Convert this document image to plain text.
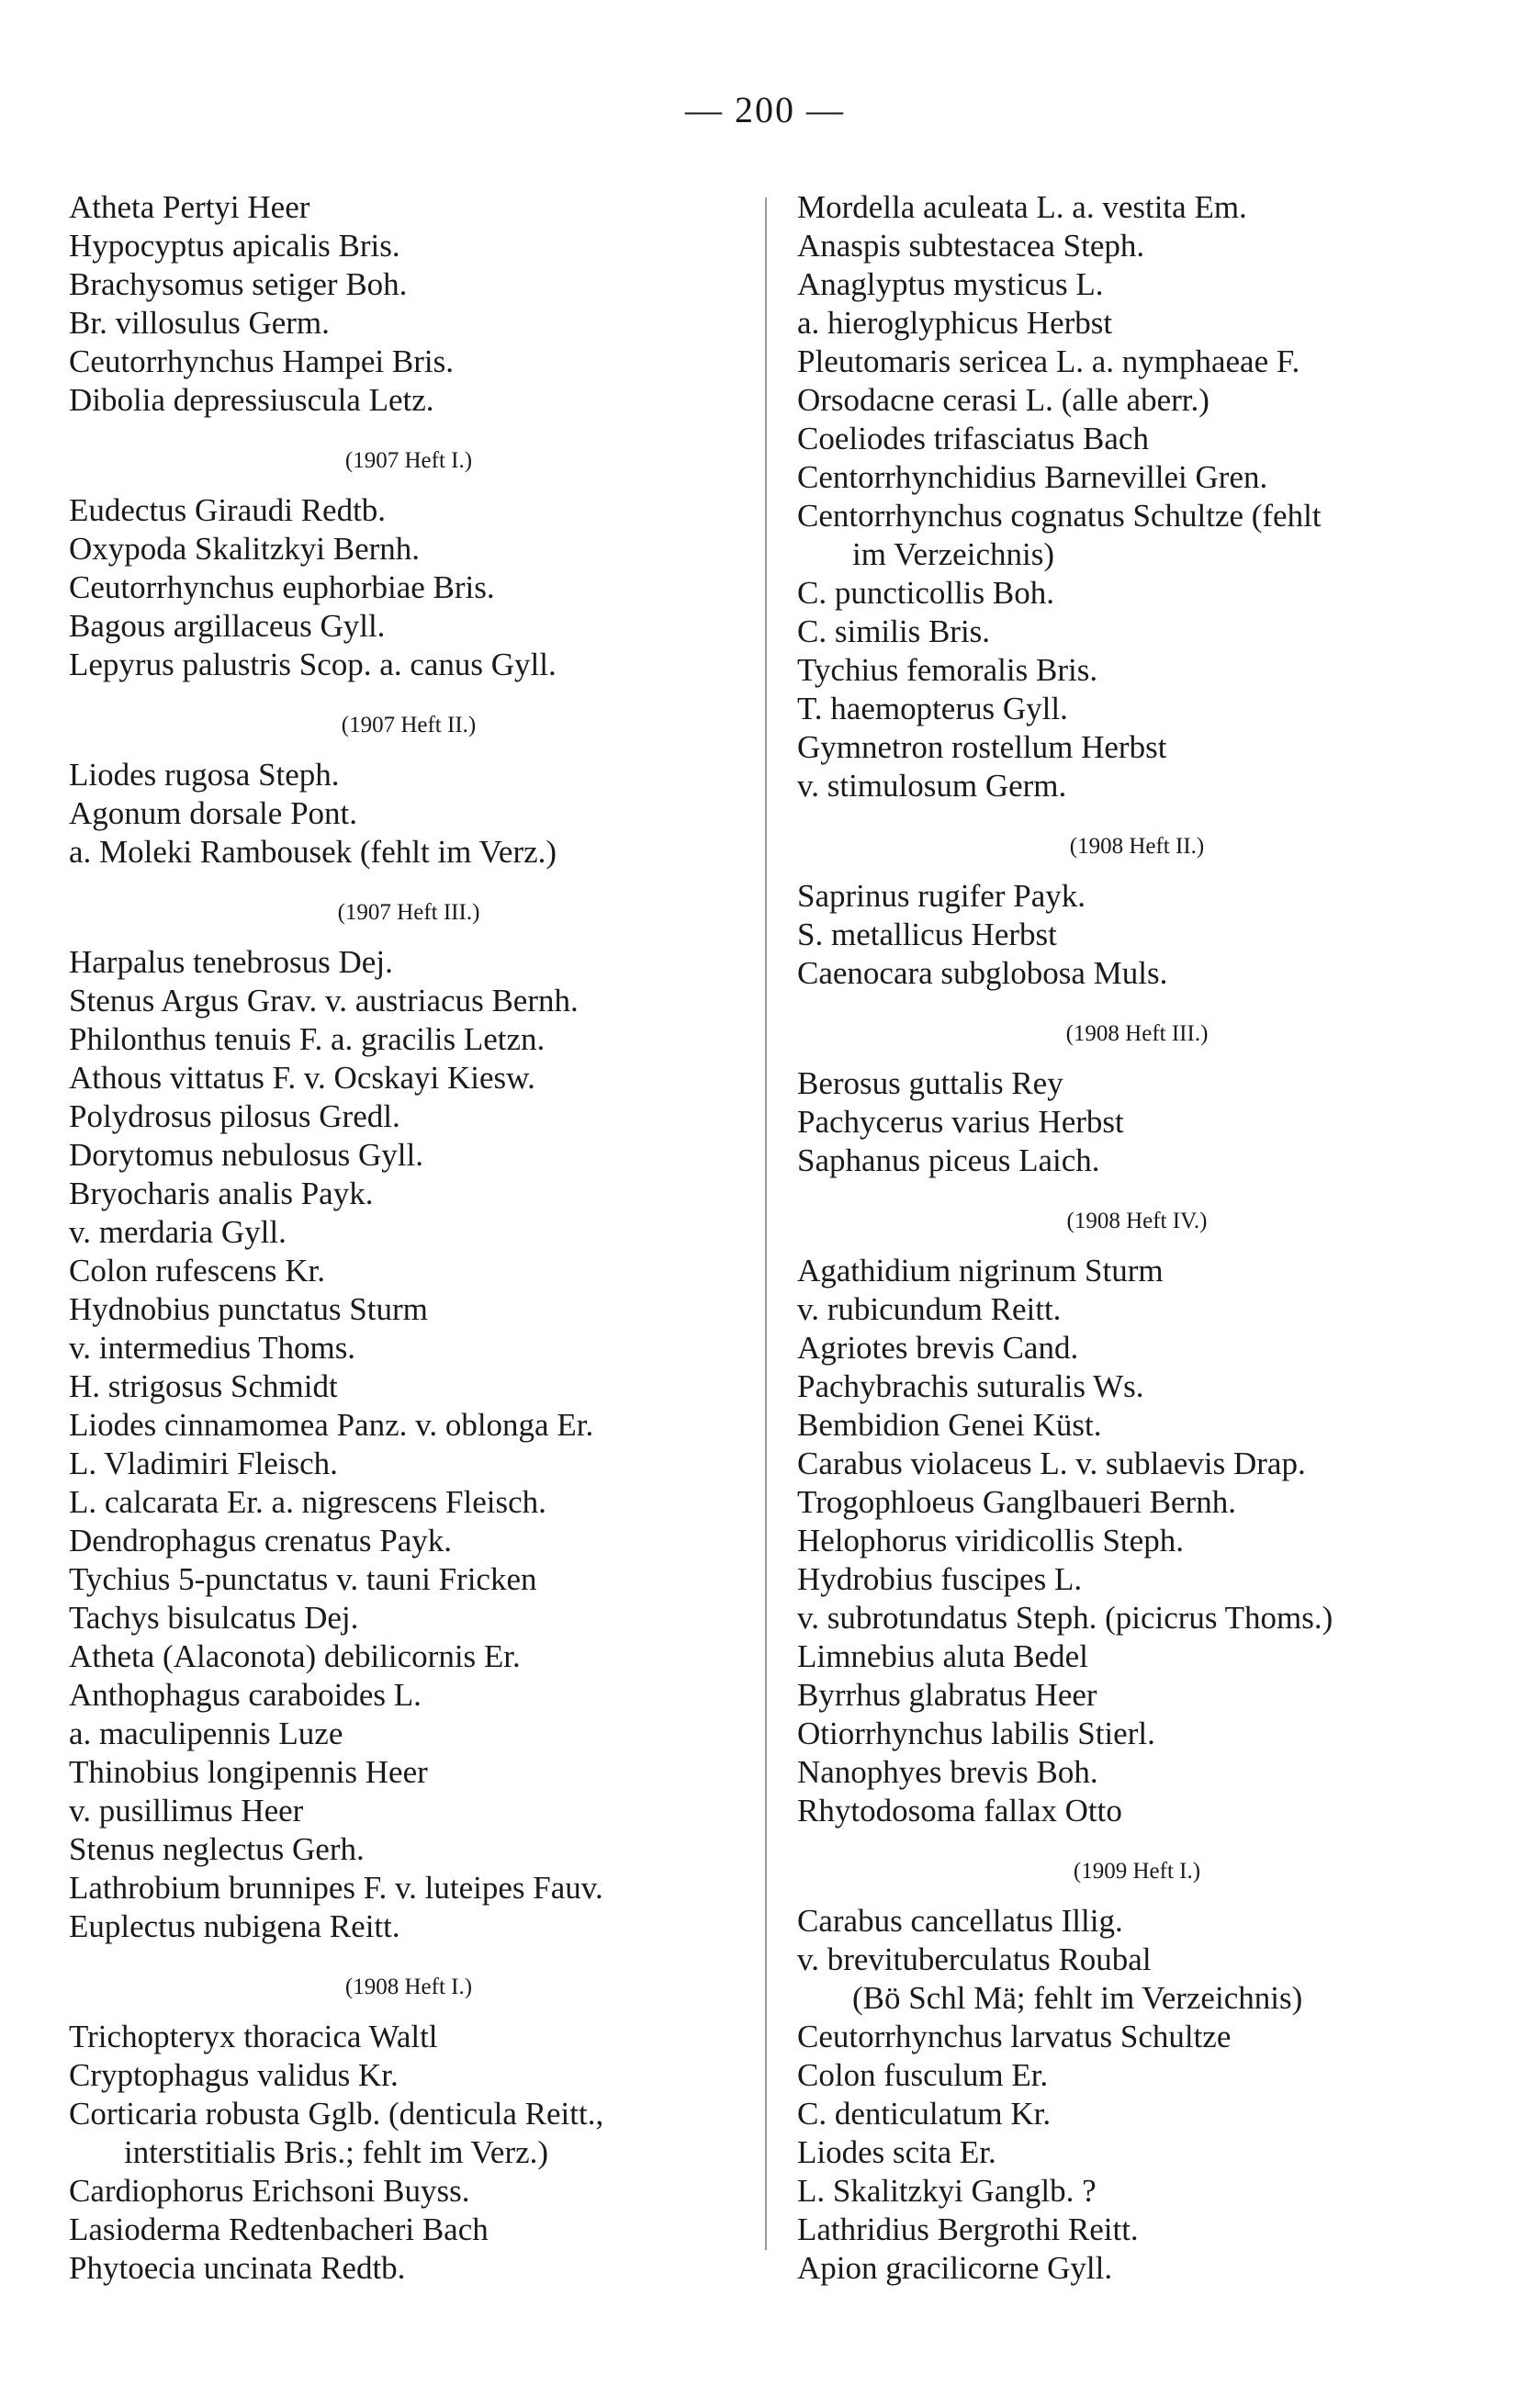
— 200 —
Atheta Pertyi Heer
Hypocyptus apicalis Bris.
Brachysomus setiger Boh.
Br. villosulus Germ.
Ceutorrhynchus Hampei Bris.
Dibolia depressiuscula Letz.
(1907 Heft I.)
Eudectus Giraudi Redtb.
Oxypoda Skalitzkyi Bernh.
Ceutorrhynchus euphorbiae Bris.
Bagous argillaceus Gyll.
Lepyrus palustris Scop. a. canus Gyll.
(1907 Heft II.)
Liodes rugosa Steph.
Agonum dorsale Pont.
a. Moleki Rambousek (fehlt im Verz.)
(1907 Heft III.)
Harpalus tenebrosus Dej.
Stenus Argus Grav. v. austriacus Bernh.
Philonthus tenuis F. a. gracilis Letzn.
Athous vittatus F. v. Ocskayi Kiesw.
Polydrosus pilosus Gredl.
Dorytomus nebulosus Gyll.
Bryocharis analis Payk.
v. merdaria Gyll.
Colon rufescens Kr.
Hydnobius punctatus Sturm
v. intermedius Thoms.
H. strigosus Schmidt
Liodes cinnamomea Panz. v. oblonga Er.
L. Vladimiri Fleisch.
L. calcarata Er. a. nigrescens Fleisch.
Dendrophagus crenatus Payk.
Tychius 5-punctatus v. tauni Fricken
Tachys bisulcatus Dej.
Atheta (Alaconota) debilicornis Er.
Anthophagus caraboides L.
a. maculipennis Luze
Thinobius longipennis Heer
v. pusillimus Heer
Stenus neglectus Gerh.
Lathrobium brunnipes F. v. luteipes Fauv.
Euplectus nubigena Reitt.
(1908 Heft I.)
Trichopteryx thoracica Waltl
Cryptophagus validus Kr.
Corticaria robusta Gglb. (denticula Reitt.,
interstitialis Bris.; fehlt im Verz.)
Cardiophorus Erichsoni Buyss.
Lasioderma Redtenbacheri Bach
Phytoecia uncinata Redtb.
Mordella aculeata L. a. vestita Em.
Anaspis subtestacea Steph.
Anaglyptus mysticus L.
a. hieroglyphicus Herbst
Pleutomaris sericea L. a. nymphaeae F.
Orsodacne cerasi L. (alle aberr.)
Coeliodes trifasciatus Bach
Centorrhynchidius Barnevillei Gren.
Centorrhynchus cognatus Schultze (fehlt
im Verzeichnis)
C. puncticollis Boh.
C. similis Bris.
Tychius femoralis Bris.
T. haemopterus Gyll.
Gymnetron rostellum Herbst
v. stimulosum Germ.
(1908 Heft II.)
Saprinus rugifer Payk.
S. metallicus Herbst
Caenocara subglobosa Muls.
(1908 Heft III.)
Berosus guttalis Rey
Pachycerus varius Herbst
Saphanus piceus Laich.
(1908 Heft IV.)
Agathidium nigrinum Sturm
v. rubicundum Reitt.
Agriotes brevis Cand.
Pachybrachis suturalis Ws.
Bembidion Genei Küst.
Carabus violaceus L. v. sublaevis Drap.
Trogophloeus Ganglbaueri Bernh.
Helophorus viridicollis Steph.
Hydrobius fuscipes L.
v. subrotundatus Steph. (picicrus Thoms.)
Limnebius aluta Bedel
Byrrhus glabratus Heer
Otiorrhynchus labilis Stierl.
Nanophyes brevis Boh.
Rhytodosoma fallax Otto
(1909 Heft I.)
Carabus cancellatus Illig.
v. brevituberculatus Roubal
(Bö Schl Mä; fehlt im Verzeichnis)
Ceutorrhynchus larvatus Schultze
Colon fusculum Er.
C. denticulatum Kr.
Liodes scita Er.
L. Skalitzkyi Ganglb. ?
Lathridius Bergrothi Reitt.
Apion gracilicorne Gyll.
